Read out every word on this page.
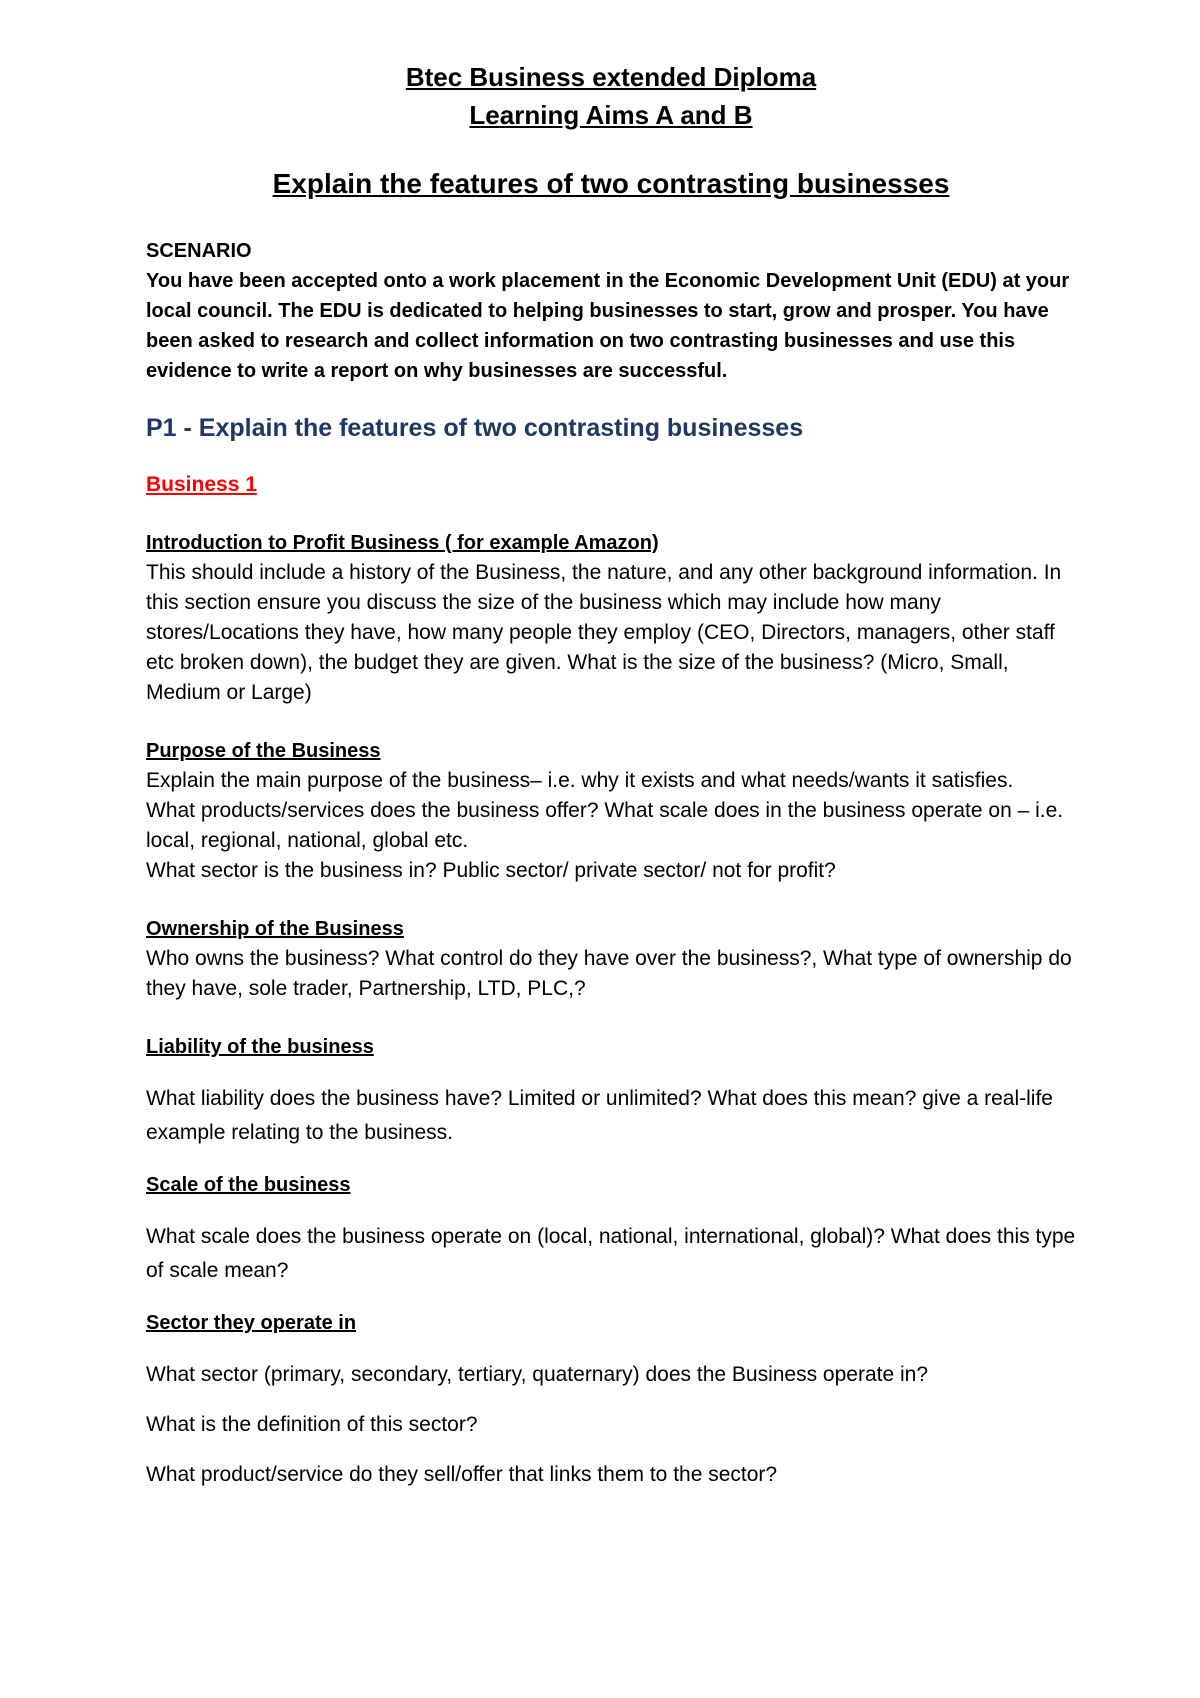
Btec Business extended Diploma

Learning Aims A and B

Explain the features of two contrasting businesses

SCENARIO

You have been accepted onto a work placement in the Economic Development Unit (EDU) at your local council. The EDU is dedicated to helping businesses to start, grow and prosper. You have been asked to research and collect information on two contrasting businesses and use this evidence to write a report on why businesses are successful.

P1 - Explain the features of two contrasting businesses

Business 1

Introduction to Profit Business ( for example Amazon)

This should include a history of the Business, the nature, and any other background information. In this section ensure you discuss the size of the business which may include how many stores/Locations they have, how many people they employ (CEO, Directors, managers, other staff etc broken down), the budget they are given. What is the size of the business? (Micro, Small, Medium or Large)

Purpose of the Business

Explain the main purpose of the business– i.e. why it exists and what needs/wants it satisfies.

What products/services does the business offer? What scale does in the business operate on – i.e. local, regional, national, global etc.

What sector is the business in? Public sector/ private sector/ not for profit?

Ownership of the Business

Who owns the business? What control do they have over the business?, What type of ownership do they have, sole trader, Partnership, LTD, PLC,?

Liability of the business

What liability does the business have? Limited or unlimited? What does this mean? give a real-life example relating to the business.

Scale of the business

What scale does the business operate on (local, national, international, global)? What does this type of scale mean?

Sector they operate in

What sector (primary, secondary, tertiary, quaternary) does the Business operate in?

What is the definition of this sector?

What product/service do they sell/offer that links them to the sector?
